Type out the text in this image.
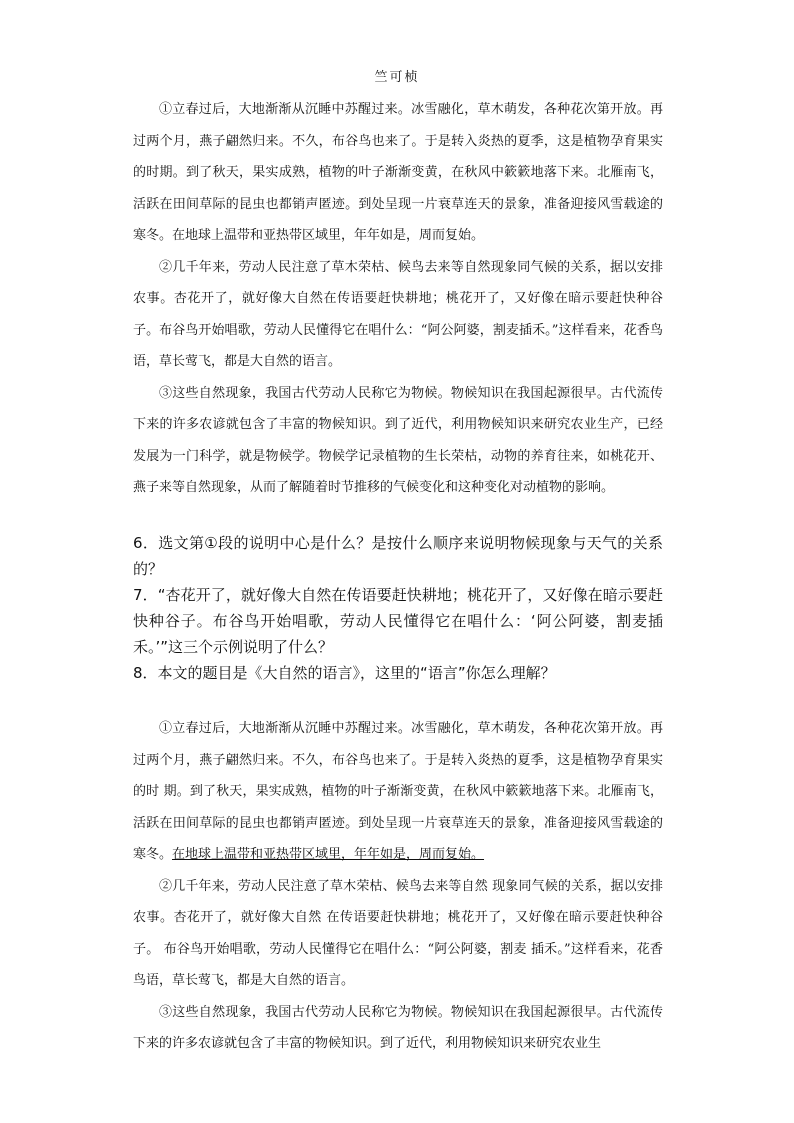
竺可桢

①立春过后，大地渐渐从沉睡中苏醒过来。冰雪融化，草木萌发，各种花次第开放。再过两个月，燕子翩然归来。不久，布谷鸟也来了。于是转入炎热的夏季，这是植物孕育果实的时期。到了秋天，果实成熟，植物的叶子渐渐变黄，在秋风中簌簌地落下来。北雁南飞，活跃在田间草际的昆虫也都销声匿迹。到处呈现一片衰草连天的景象，准备迎接风雪载途的寒冬。在地球上温带和亚热带区域里，年年如是，周而复始。

②几千年来，劳动人民注意了草木荣枯、候鸟去来等自然现象同气候的关系，据以安排农事。杏花开了，就好像大自然在传语要赶快耕地；桃花开了，又好像在暗示要赶快种谷子。布谷鸟开始唱歌，劳动人民懂得它在唱什么：“阿公阿婆，割麦插禾。”这样看来，花香鸟语，草长莺飞，都是大自然的语言。

③这些自然现象，我国古代劳动人民称它为物候。物候知识在我国起源很早。古代流传下来的许多农谚就包含了丰富的物候知识。到了近代，利用物候知识来研究农业生产，已经发展为一门科学，就是物候学。物候学记录植物的生长荣枯，动物的养育往来，如桃花开、燕子来等自然现象，从而了解随着时节推移的气候变化和这种变化对动植物的影响。

6．选文第①段的说明中心是什么？是按什么顺序来说明物候现象与天气的关系的？

7．“杏花开了，就好像大自然在传语要赶快耕地；桃花开了，又好像在暗示要赶快种谷子。布谷鸟开始唱歌，劳动人民懂得它在唱什么：‘阿公阿婆，割麦插禾。’”这三个示例说明了什么？

8．本文的题目是《大自然的语言》，这里的“语言”你怎么理解？

①立春过后，大地渐渐从沉睡中苏醒过来。冰雪融化，草木萌发，各种花次第开放。再过两个月，燕子翩然归来。不久，布谷鸟也来了。于是转入炎热的夏季，这是植物孕育果实的时 期。到了秋天，果实成熟，植物的叶子渐渐变黄，在秋风中簌簌地落下来。北雁南飞，活跃在田间草际的昆虫也都销声匿迹。到处呈现一片衰草连天的景象，准备迎接风雪载途的寒冬。在地球上温带和亚热带区域里，年年如是，周而复始。

②几千年来，劳动人民注意了草木荣枯、候鸟去来等自然 现象同气候的关系，据以安排农事。杏花开了，就好像大自然 在传语要赶快耕地；桃花开了，又好像在暗示要赶快种谷子。 布谷鸟开始唱歌，劳动人民懂得它在唱什么：“阿公阿婆，割麦 插禾。”这样看来，花香鸟语，草长莺飞，都是大自然的语言。

③这些自然现象，我国古代劳动人民称它为物候。物候知识在我国起源很早。古代流传下来的许多农谚就包含了丰富的物候知识。到了近代，利用物候知识来研究农业生
